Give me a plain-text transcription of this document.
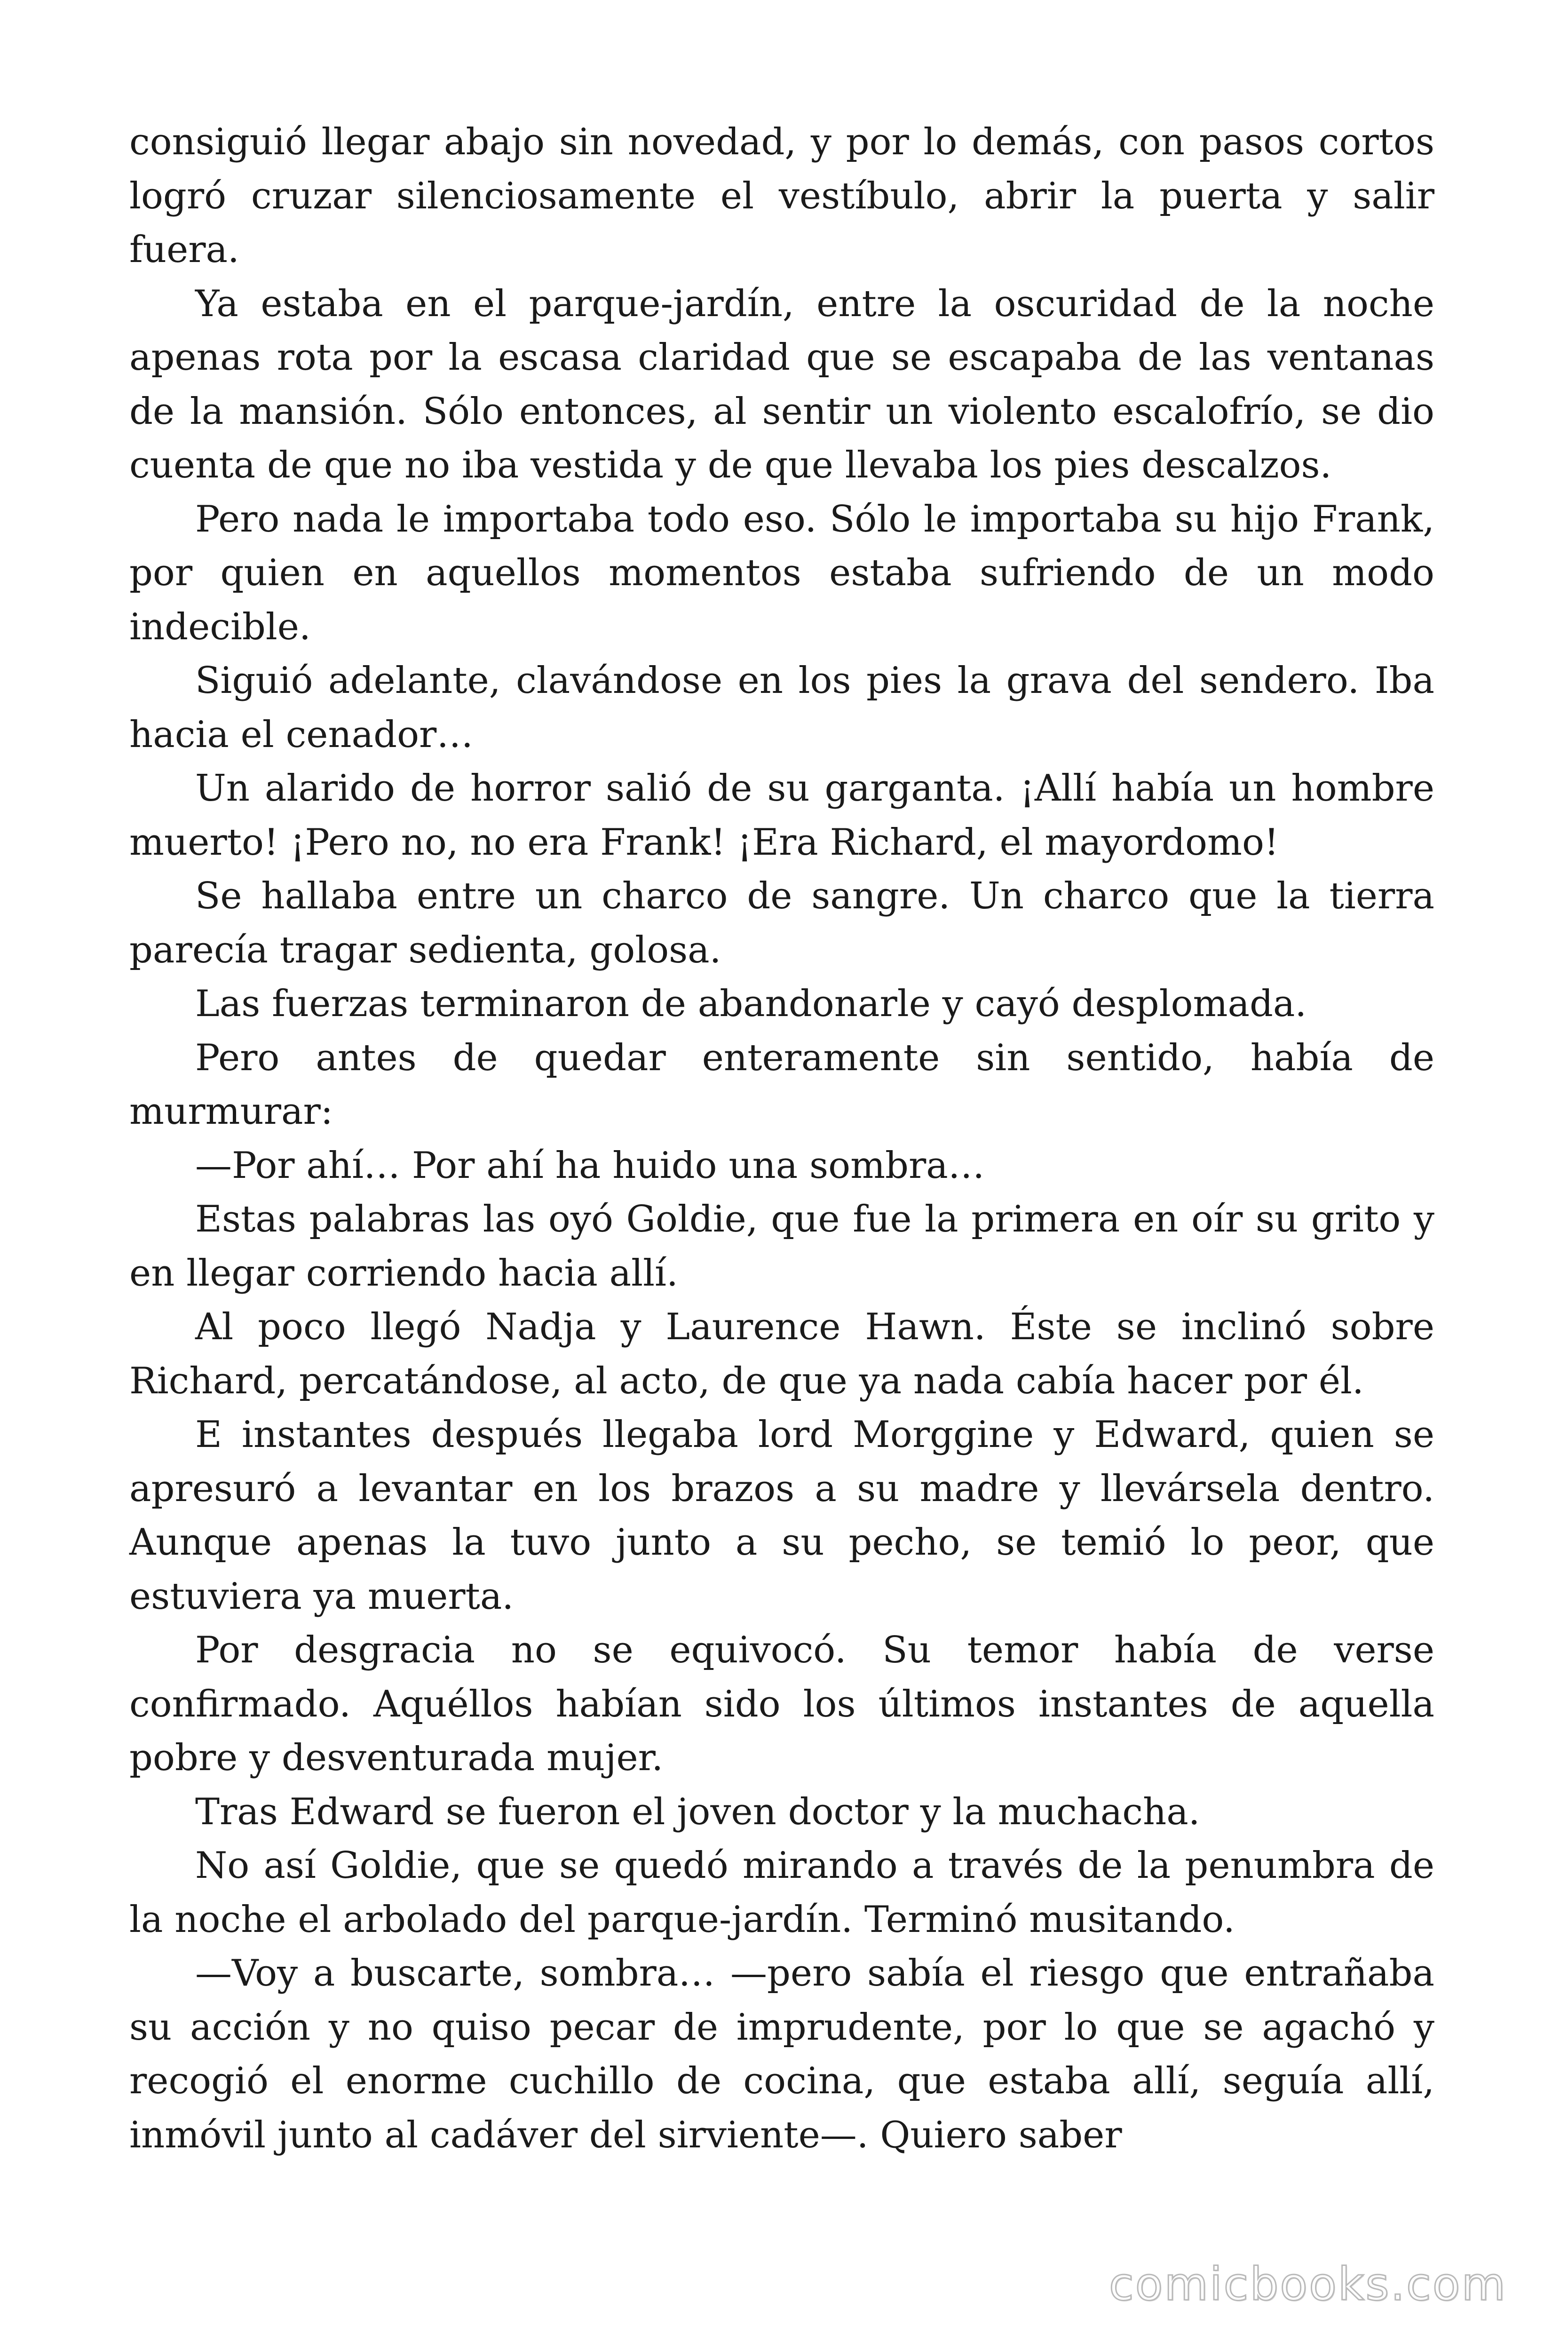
consiguió llegar abajo sin novedad, y por lo demás, con pasos cortos logró cruzar silenciosamente el vestíbulo, abrir la puerta y salir fuera.

Ya estaba en el parque-jardín, entre la oscuridad de la noche apenas rota por la escasa claridad que se escapaba de las ventanas de la mansión. Sólo entonces, al sentir un violento escalofrío, se dio cuenta de que no iba vestida y de que llevaba los pies descalzos.

Pero nada le importaba todo eso. Sólo le importaba su hijo Frank, por quien en aquellos momentos estaba sufriendo de un modo indecible.

Siguió adelante, clavándose en los pies la grava del sendero. Iba hacia el cenador…

Un alarido de horror salió de su garganta. ¡Allí había un hombre muerto! ¡Pero no, no era Frank! ¡Era Richard, el mayordomo!

Se hallaba entre un charco de sangre. Un charco que la tierra parecía tragar sedienta, golosa.

Las fuerzas terminaron de abandonarle y cayó desplomada.

Pero antes de quedar enteramente sin sentido, había de murmurar:

—Por ahí… Por ahí ha huido una sombra…

Estas palabras las oyó Goldie, que fue la primera en oír su grito y en llegar corriendo hacia allí.

Al poco llegó Nadja y Laurence Hawn. Éste se inclinó sobre Richard, percatándose, al acto, de que ya nada cabía hacer por él.

E instantes después llegaba lord Morggine y Edward, quien se apresuró a levantar en los brazos a su madre y llevársela dentro. Aunque apenas la tuvo junto a su pecho, se temió lo peor, que estuviera ya muerta.

Por desgracia no se equivocó. Su temor había de verse confirmado. Aquéllos habían sido los últimos instantes de aquella pobre y desventurada mujer.

Tras Edward se fueron el joven doctor y la muchacha.

No así Goldie, que se quedó mirando a través de la penumbra de la noche el arbolado del parque-jardín. Terminó musitando.

—Voy a buscarte, sombra… —pero sabía el riesgo que entrañaba su acción y no quiso pecar de imprudente, por lo que se agachó y recogió el enorme cuchillo de cocina, que estaba allí, seguía allí, inmóvil junto al cadáver del sirviente—. Quiero saber

comicbooks.com
